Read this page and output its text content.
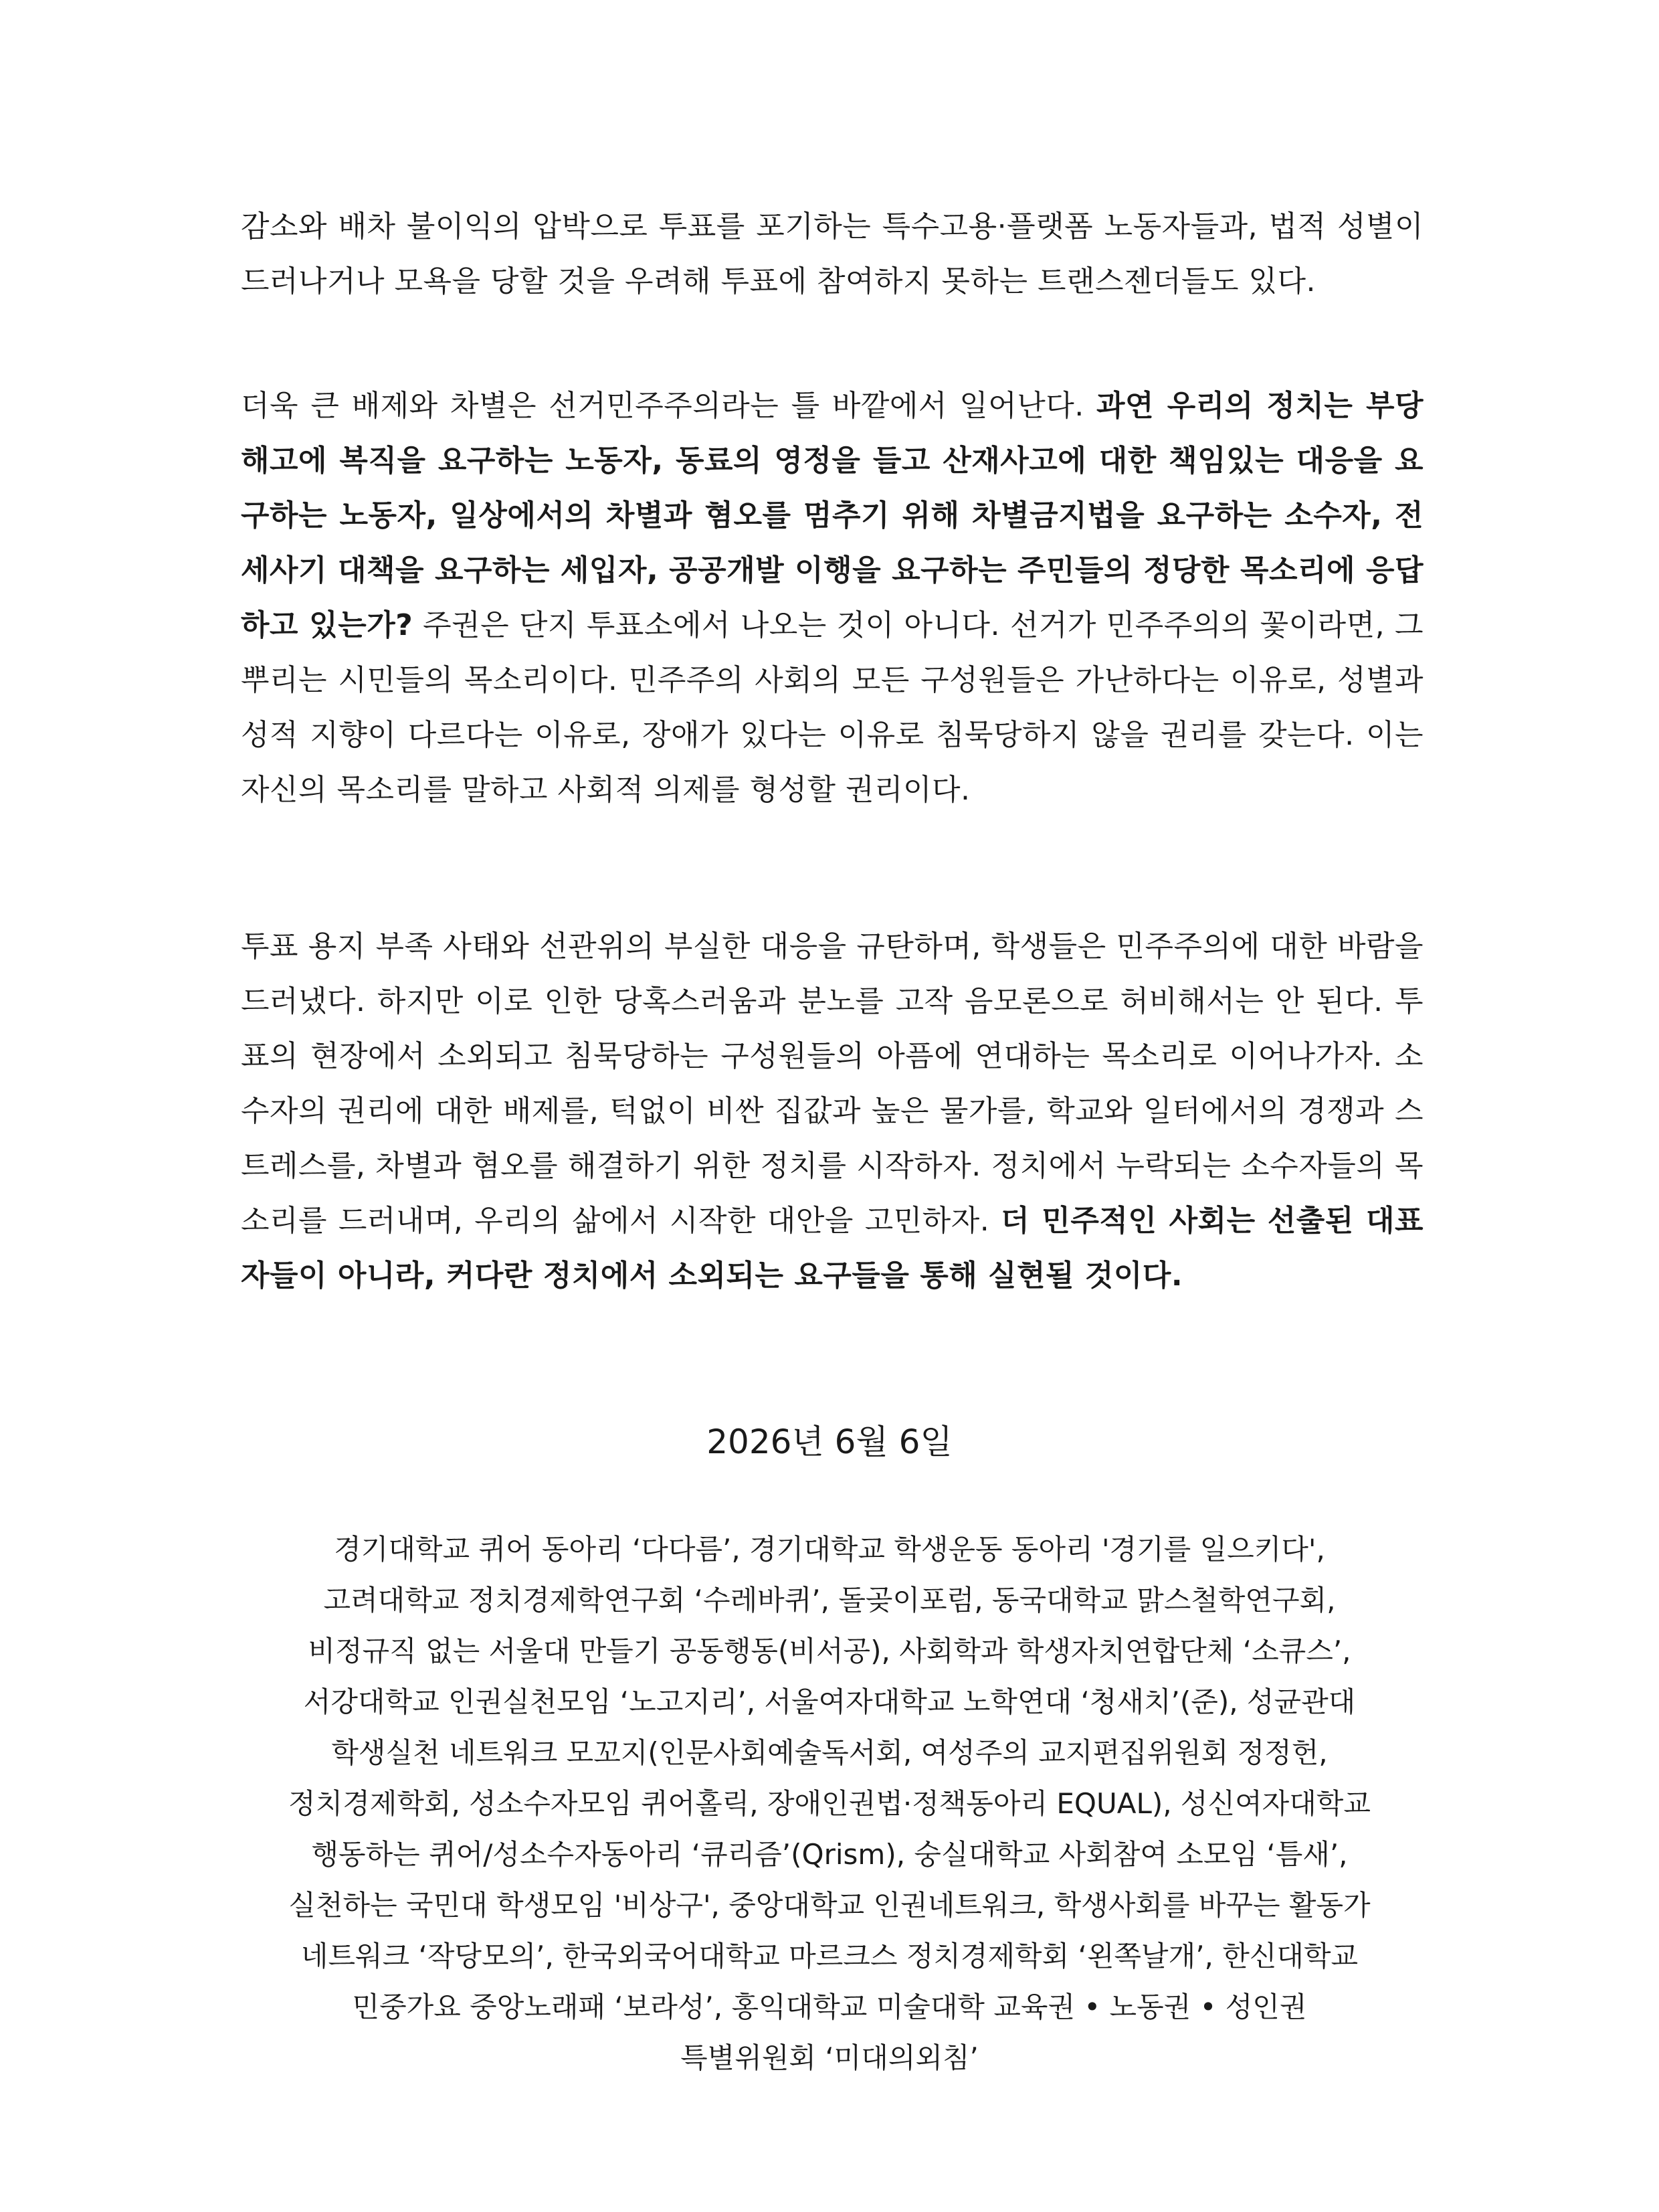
감소와 배차 불이익의 압박으로 투표를 포기하는 특수고용·플랫폼 노동자들과, 법적 성별이 드러나거나 모욕을 당할 것을 우려해 투표에 참여하지 못하는 트랜스젠더들도 있다.

더욱 큰 배제와 차별은 선거민주주의라는 틀 바깥에서 일어난다. 과연 우리의 정치는 부당해고에 복직을 요구하는 노동자, 동료의 영정을 들고 산재사고에 대한 책임있는 대응을 요구하는 노동자, 일상에서의 차별과 혐오를 멈추기 위해 차별금지법을 요구하는 소수자, 전세사기 대책을 요구하는 세입자, 공공개발 이행을 요구하는 주민들의 정당한 목소리에 응답하고 있는가? 주권은 단지 투표소에서 나오는 것이 아니다. 선거가 민주주의의 꽃이라면, 그 뿌리는 시민들의 목소리이다. 민주주의 사회의 모든 구성원들은 가난하다는 이유로, 성별과 성적 지향이 다르다는 이유로, 장애가 있다는 이유로 침묵당하지 않을 권리를 갖는다. 이는 자신의 목소리를 말하고 사회적 의제를 형성할 권리이다.

투표 용지 부족 사태와 선관위의 부실한 대응을 규탄하며, 학생들은 민주주의에 대한 바람을 드러냈다. 하지만 이로 인한 당혹스러움과 분노를 고작 음모론으로 허비해서는 안 된다. 투표의 현장에서 소외되고 침묵당하는 구성원들의 아픔에 연대하는 목소리로 이어나가자. 소수자의 권리에 대한 배제를, 턱없이 비싼 집값과 높은 물가를, 학교와 일터에서의 경쟁과 스트레스를, 차별과 혐오를 해결하기 위한 정치를 시작하자. 정치에서 누락되는 소수자들의 목소리를 드러내며, 우리의 삶에서 시작한 대안을 고민하자. 더 민주적인 사회는 선출된 대표자들이 아니라, 커다란 정치에서 소외되는 요구들을 통해 실현될 것이다.

2026년 6월 6일

경기대학교 퀴어 동아리 ‘다다름’, 경기대학교 학생운동 동아리 '경기를 일으키다',
고려대학교 정치경제학연구회 ‘수레바퀴’, 돌곶이포럼, 동국대학교 맑스철학연구회,
비정규직 없는 서울대 만들기 공동행동(비서공), 사회학과 학생자치연합단체 ‘소큐스’,
서강대학교 인권실천모임 ‘노고지리’, 서울여자대학교 노학연대 ‘청새치’(준), 성균관대
학생실천 네트워크 모꼬지(인문사회예술독서회, 여성주의 교지편집위원회 정정헌,
정치경제학회, 성소수자모임 퀴어홀릭, 장애인권법·정책동아리 EQUAL), 성신여자대학교
행동하는 퀴어/성소수자동아리 ‘큐리즘’(Qrism), 숭실대학교 사회참여 소모임 ‘틈새’,
실천하는 국민대 학생모임 '비상구', 중앙대학교 인권네트워크, 학생사회를 바꾸는 활동가
네트워크 ‘작당모의’, 한국외국어대학교 마르크스 정치경제학회 ‘왼쪽날개’, 한신대학교
민중가요 중앙노래패 ‘보라성’, 홍익대학교 미술대학 교육권 • 노동권 • 성인권
특별위원회 ‘미대의외침’
